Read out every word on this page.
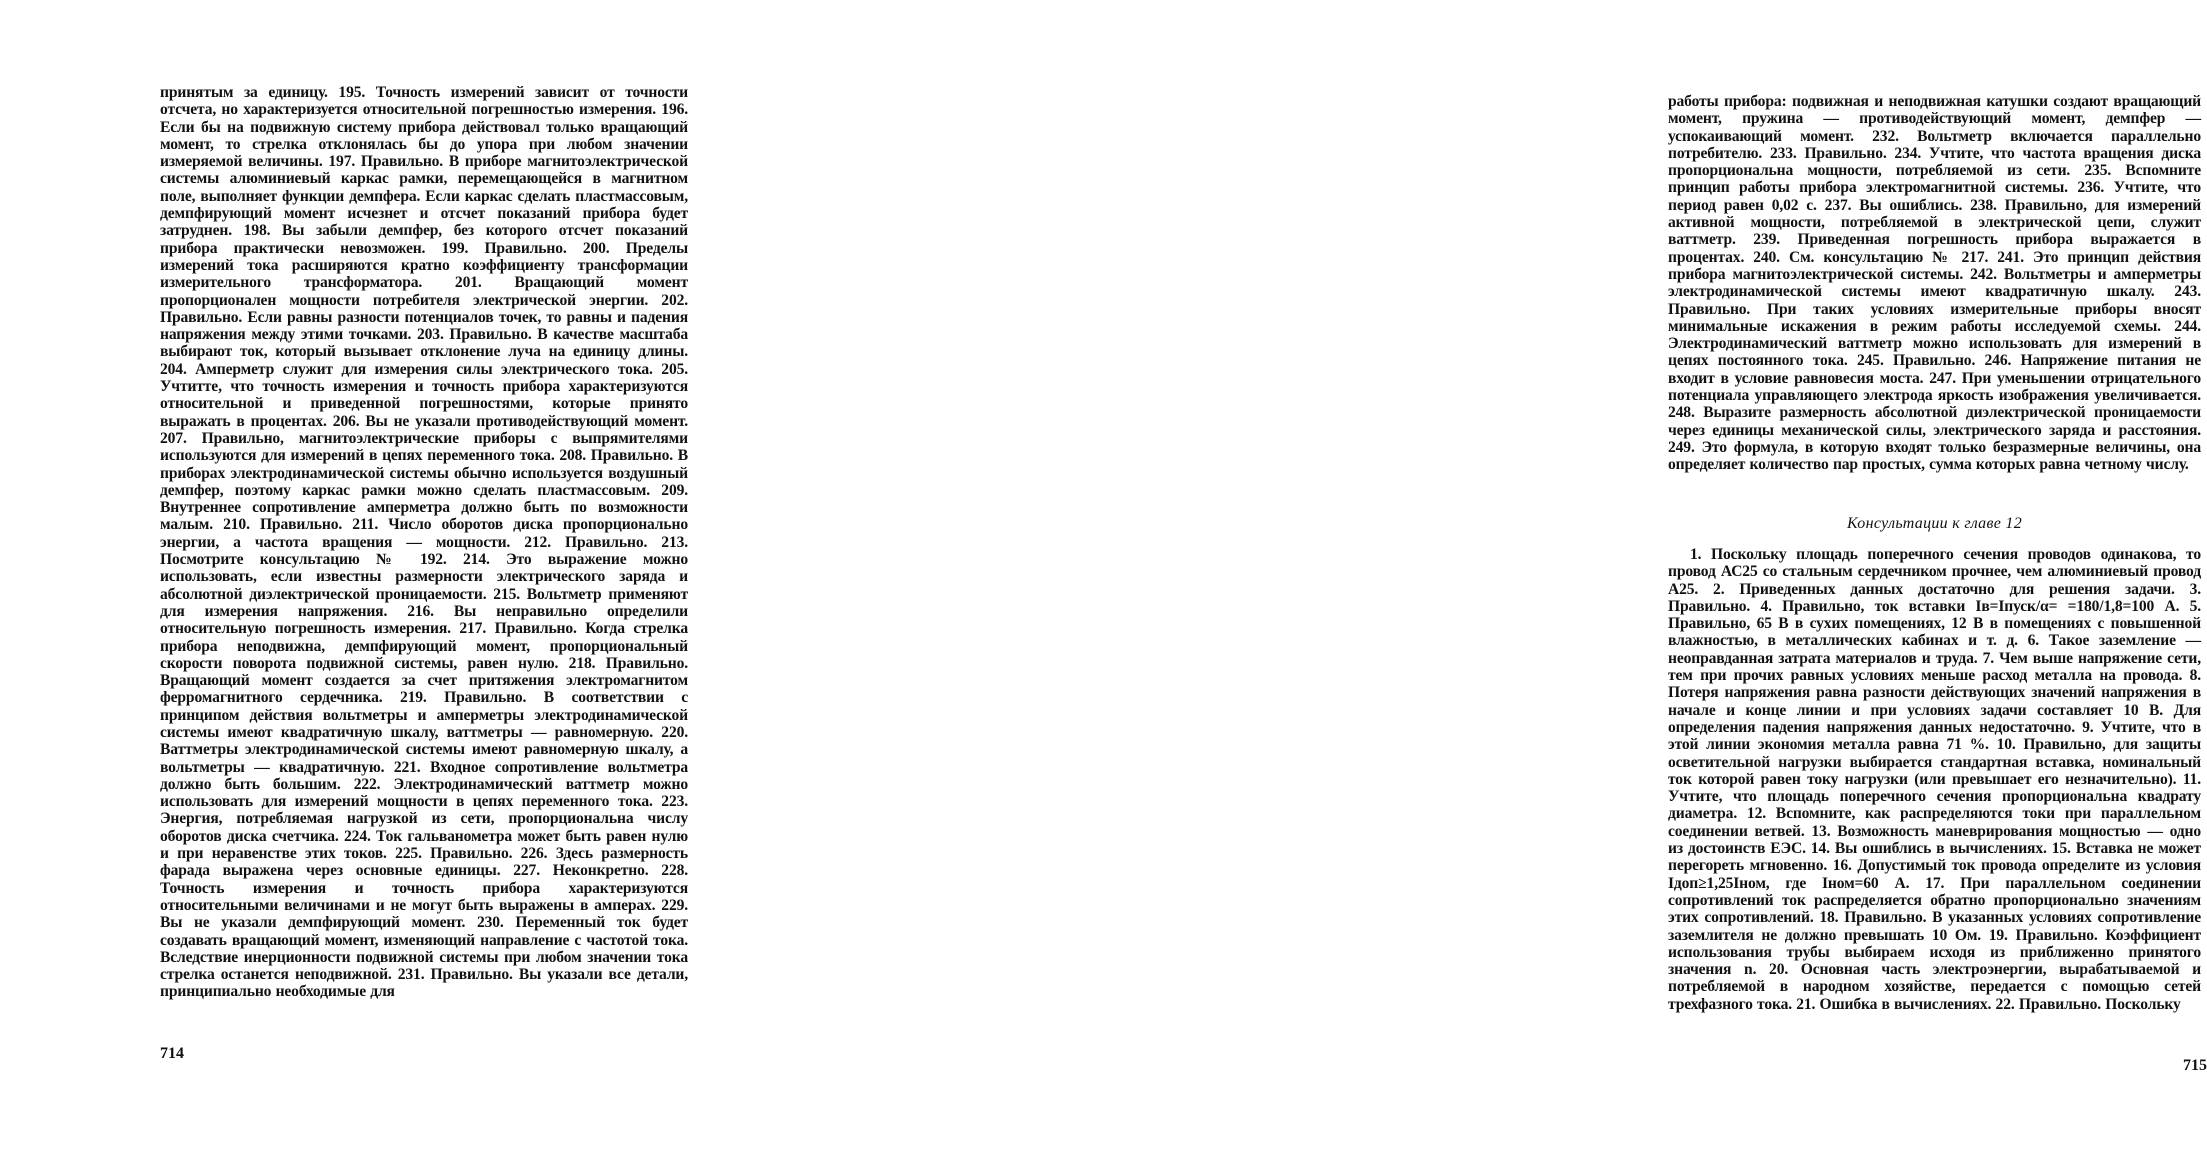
принятым за единицу. 195. Точность измерений зависит от точности отсчета, но характеризуется относительной погрешностью измерения. 196. Если бы на подвижную систему прибора действовал только вращающий момент, то стрелка отклонялась бы до упора при любом значении измеряемой величины. 197. Правильно. В приборе магнитоэлектрической системы алюминиевый каркас рамки, перемещающейся в магнитном поле, выполняет функции демпфера. Если каркас сделать пластмассовым, демпфирующий момент исчезнет и отсчет показаний прибора будет затруднен. 198. Вы забыли демпфер, без которого отсчет показаний прибора практически невозможен. 199. Правильно. 200. Пределы измерений тока расширяются кратно коэффициенту трансформации измерительного трансформатора. 201. Вращающий момент пропорционален мощности потребителя электрической энергии. 202. Правильно. Если равны разности потенциалов точек, то равны и падения напряжения между этими точками. 203. Правильно. В качестве масштаба выбирают ток, который вызывает отклонение луча на единицу длины. 204. Амперметр служит для измерения силы электрического тока. 205. Учтитте, что точность измерения и точность прибора характеризуются относительной и приведенной погрешностями, которые принято выражать в процентах. 206. Вы не указали противодействующий момент. 207. Правильно, магнитоэлектрические приборы с выпрямителями используются для измерений в цепях переменного тока. 208. Правильно. В приборах электродинамической системы обычно используется воздушный демпфер, поэтому каркас рамки можно сделать пластмассовым. 209. Внутреннее сопротивление амперметра должно быть по возможности малым. 210. Правильно. 211. Число оборотов диска пропорционально энергии, а частота вращения — мощности. 212. Правильно. 213. Посмотрите консультацию № 192. 214. Это выражение можно использовать, если известны размерности электрического заряда и абсолютной диэлектрической проницаемости. 215. Вольтметр применяют для измерения напряжения. 216. Вы неправильно определили относительную погрешность измерения. 217. Правильно. Когда стрелка прибора неподвижна, демпфирующий момент, пропорциональный скорости поворота подвижной системы, равен нулю. 218. Правильно. Вращающий момент создается за счет притяжения электромагнитом ферромагнитного сердечника. 219. Правильно. В соответствии с принципом действия вольтметры и амперметры электродинамической системы имеют квадратичную шкалу, ваттметры — равномерную. 220. Ваттметры электродинамической системы имеют равномерную шкалу, а вольтметры — квадратичную. 221. Входное сопротивление вольтметра должно быть большим. 222. Электродинамический ваттметр можно использовать для измерений мощности в цепях переменного тока. 223. Энергия, потребляемая нагрузкой из сети, пропорциональна числу оборотов диска счетчика. 224. Ток гальванометра может быть равен нулю и при неравенстве этих токов. 225. Правильно. 226. Здесь размерность фарада выражена через основные единицы. 227. Неконкретно. 228. Точность измерения и точность прибора характеризуются относительными величинами и не могут быть выражены в амперах. 229. Вы не указали демпфирующий момент. 230. Переменный ток будет создавать вращающий момент, изменяющий направление с частотой тока. Вследствие инерционности подвижной системы при любом значении тока стрелка останется неподвижной. 231. Правильно. Вы указали все детали, принципиально необходимые для
714
работы прибора: подвижная и неподвижная катушки создают вращающий момент, пружина — противодействующий момент, демпфер — успокаивающий момент. 232. Вольтметр включается параллельно потребителю. 233. Правильно. 234. Учтите, что частота вращения диска пропорциональна мощности, потребляемой из сети. 235. Вспомните принцип работы прибора электромагнитной системы. 236. Учтите, что период равен 0,02 с. 237. Вы ошиблись. 238. Правильно, для измерений активной мощности, потребляемой в электрической цепи, служит ваттметр. 239. Приведенная погрешность прибора выражается в процентах. 240. См. консультацию № 217. 241. Это принцип действия прибора магнитоэлектрической системы. 242. Вольтметры и амперметры электродинамической системы имеют квадратичную шкалу. 243. Правильно. При таких условиях измерительные приборы вносят минимальные искажения в режим работы исследуемой схемы. 244. Электродинамический ваттметр можно использовать для измерений в цепях постоянного тока. 245. Правильно. 246. Напряжение питания не входит в условие равновесия моста. 247. При уменьшении отрицательного потенциала управляющего электрода яркость изображения увеличивается. 248. Выразите размерность абсолютной диэлектрической проницаемости через единицы механической силы, электрического заряда и расстояния. 249. Это формула, в которую входят только безразмерные величины, она определяет количество пар простых, сумма которых равна четному числу.
Консультации к главе 12
1. Поскольку площадь поперечного сечения проводов одинакова, то провод АС25 со стальным сердечником прочнее, чем алюминиевый провод А25. 2. Приведенных данных достаточно для решения задачи. 3. Правильно. 4. Правильно, ток вставки Iв=Iпуск/α= =180/1,8=100 А. 5. Правильно, 65 В в сухих помещениях, 12 В в помещениях с повышенной влажностью, в металлических кабинах и т. д. 6. Такое заземление — неоправданная затрата материалов и труда. 7. Чем выше напряжение сети, тем при прочих равных условиях меньше расход металла на провода. 8. Потеря напряжения равна разности действующих значений напряжения в начале и конце линии и при условиях задачи составляет 10 В. Для определения падения напряжения данных недостаточно. 9. Учтите, что в этой линии экономия металла равна 71 %. 10. Правильно, для защиты осветительной нагрузки выбирается стандартная вставка, номинальный ток которой равен току нагрузки (или превышает его незначительно). 11. Учтите, что площадь поперечного сечения пропорциональна квадрату диаметра. 12. Вспомните, как распределяются токи при параллельном соединении ветвей. 13. Возможность маневрирования мощностью — одно из достоинств ЕЭС. 14. Вы ошиблись в вычислениях. 15. Вставка не может перегореть мгновенно. 16. Допустимый ток провода определите из условия Iдоп≥1,25Iном, где Iном=60 А. 17. При параллельном соединении сопротивлений ток распределяется обратно пропорционально значениям этих сопротивлений. 18. Правильно. В указанных условиях сопротивление заземлителя не должно превышать 10 Ом. 19. Правильно. Коэффициент использования трубы выбираем исходя из приближенно принятого значения n. 20. Основная часть электроэнергии, вырабатываемой и потребляемой в народном хозяйстве, передается с помощью сетей трехфазного тока. 21. Ошибка в вычислениях. 22. Правильно. Поскольку
715
